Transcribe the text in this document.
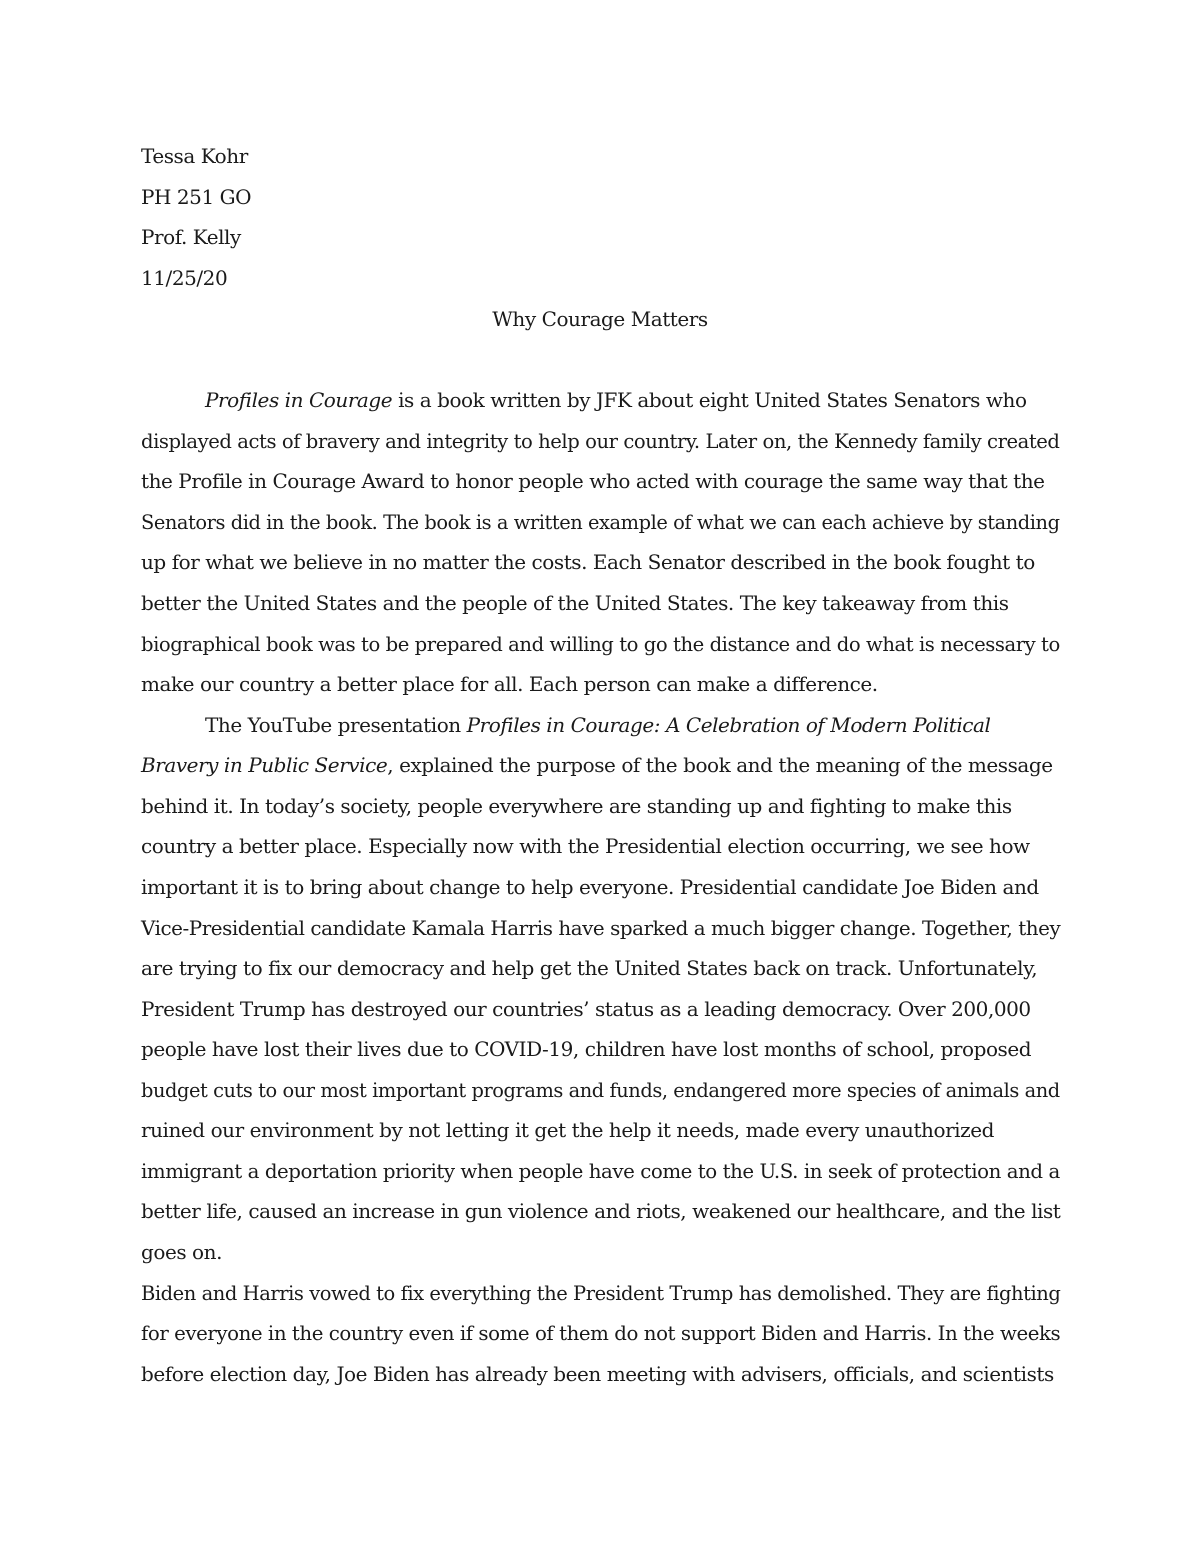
Tessa Kohr
PH 251 GO
Prof. Kelly
11/25/20
Why Courage Matters
Profiles in Courage is a book written by JFK about eight United States Senators who
displayed acts of bravery and integrity to help our country. Later on, the Kennedy family created
the Profile in Courage Award to honor people who acted with courage the same way that the
Senators did in the book. The book is a written example of what we can each achieve by standing
up for what we believe in no matter the costs. Each Senator described in the book fought to
better the United States and the people of the United States. The key takeaway from this
biographical book was to be prepared and willing to go the distance and do what is necessary to
make our country a better place for all. Each person can make a difference.
The YouTube presentation Profiles in Courage: A Celebration of Modern Political
Bravery in Public Service, explained the purpose of the book and the meaning of the message
behind it. In today’s society, people everywhere are standing up and fighting to make this
country a better place. Especially now with the Presidential election occurring, we see how
important it is to bring about change to help everyone. Presidential candidate Joe Biden and
Vice-Presidential candidate Kamala Harris have sparked a much bigger change. Together, they
are trying to fix our democracy and help get the United States back on track. Unfortunately,
President Trump has destroyed our countries’ status as a leading democracy. Over 200,000
people have lost their lives due to COVID-19, children have lost months of school, proposed
budget cuts to our most important programs and funds, endangered more species of animals and
ruined our environment by not letting it get the help it needs, made every unauthorized
immigrant a deportation priority when people have come to the U.S. in seek of protection and a
better life, caused an increase in gun violence and riots, weakened our healthcare, and the list
goes on.
Biden and Harris vowed to fix everything the President Trump has demolished. They are fighting
for everyone in the country even if some of them do not support Biden and Harris. In the weeks
before election day, Joe Biden has already been meeting with advisers, officials, and scientists
